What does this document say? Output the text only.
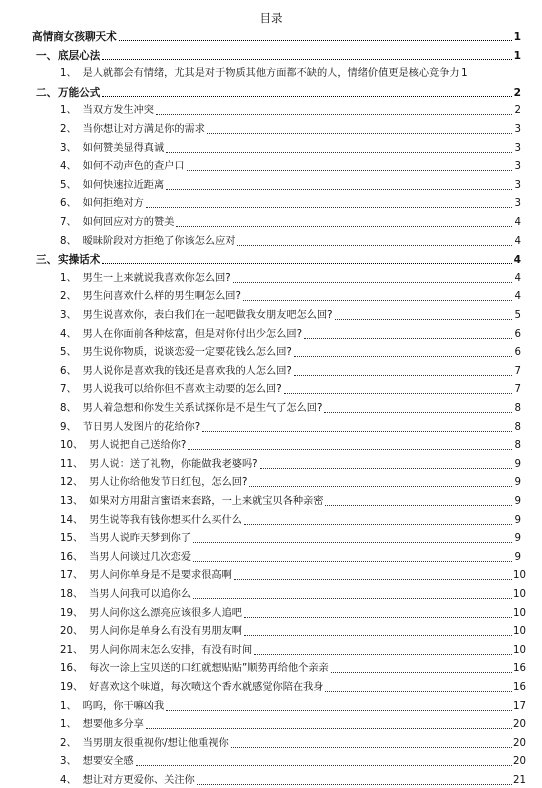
目录
高情商女孩聊天术	1
一、 底层心法	1
1、 是人就都会有情绪，尤其是对于物质其他方面都不缺的人，情绪价值更是核心竞争力 1
二、 万能公式	2
1、 当双方发生冲突	2
2、 当你想让对方满足你的需求	3
3、 如何赞美显得真诚	3
4、 如何不动声色的查户口	3
5、 如何快速拉近距离	3
6、 如何拒绝对方	3
7、 如何回应对方的赞美	4
8、 暧昧阶段对方拒绝了你该怎么应对	4
三、 实操话术	4
1、 男生一上来就说我喜欢你怎么回?	4
2、 男生问喜欢什么样的男生啊怎么回?	4
3、 男生说喜欢你，表白我们在一起吧做我女朋友吧怎么回?	5
4、 男人在你面前各种炫富，但是对你付出少怎么回?	6
5、 男生说你物质，说谈恋爱一定要花钱么怎么回?	6
6、 男人说你是喜欢我的钱还是喜欢我的人怎么回?	7
7、 男人说我可以给你但不喜欢主动要的怎么回?	7
8、 男人着急想和你发生关系试探你是不是生气了怎么回?	8
9、 节日男人发图片的花给你?	8
10、 男人说把自己送给你?	8
11、 男人说：送了礼物，你能做我老婆吗?	9
12、 男人让你给他发节日红包，怎么回?	9
13、 如果对方用甜言蜜语来套路，一上来就宝贝各种亲密	9
14、 男生说等我有钱你想买什么买什么	9
15、 当男人说昨天梦到你了	9
16、 当男人问谈过几次恋爱	9
17、 男人问你单身是不是要求很高啊	10
18、 当男人问我可以追你么	10
19、 男人问你这么漂亮应该很多人追吧	10
20、 男人问你是单身么有没有男朋友啊	10
21、 男人问你周末怎么安排，有没有时间	10
16、 每次一涂上宝贝送的口红就想贴贴”顺势再给他个亲亲	16
19、 好喜欢这个味道，每次喷这个香水就感觉你陪在我身	16
1、 呜呜，你干嘛凶我	17
1、 想要他多分享	20
2、 当男朋友很重视你/想让他重视你	20
3、 想要安全感	20
4、 想让对方更爱你、关注你	21
